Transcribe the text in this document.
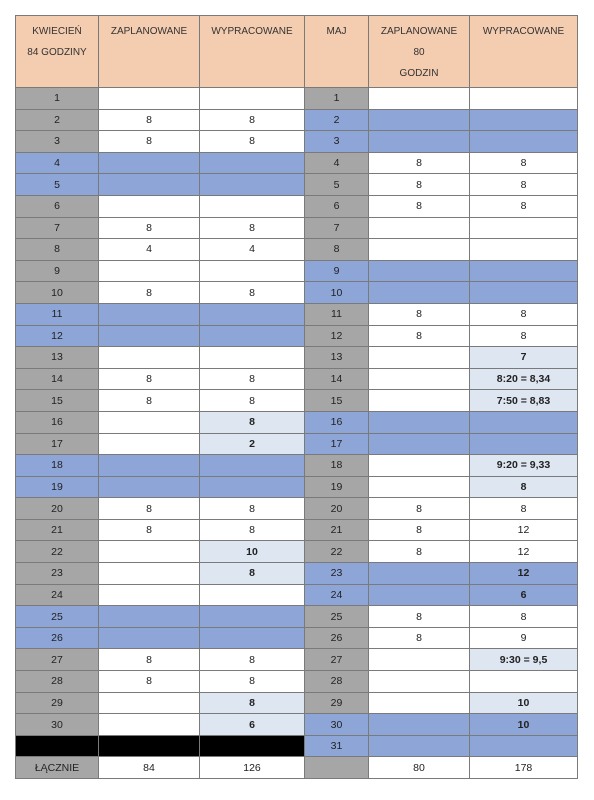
KWIECIEŃ
84 GODZINY	ZAPLANOWANE	WYPRACOWANE	MAJ	ZAPLANOWANE
80
GODZIN	WYPRACOWANE
1			1		
2	8	8	2		
3	8	8	3		
4			4	8	8
5			5	8	8
6			6	8	8
7	8	8	7		
8	4	4	8		
9			9		
10	8	8	10		
11			11	8	8
12			12	8	8
13			13		7
14	8	8	14		8:20 = 8,34
15	8	8	15		7:50 = 8,83
16		8	16		
17		2	17		
18			18		9:20 = 9,33
19			19		8
20	8	8	20	8	8
21	8	8	21	8	12
22		10	22	8	12
23		8	23		12
24			24		6
25			25	8	8
26			26	8	9
27	8	8	27		9:30 = 9,5
28	8	8	28		
29		8	29		10
30		6	30		10
			31		
ŁĄCZNIE	84	126		80	178
